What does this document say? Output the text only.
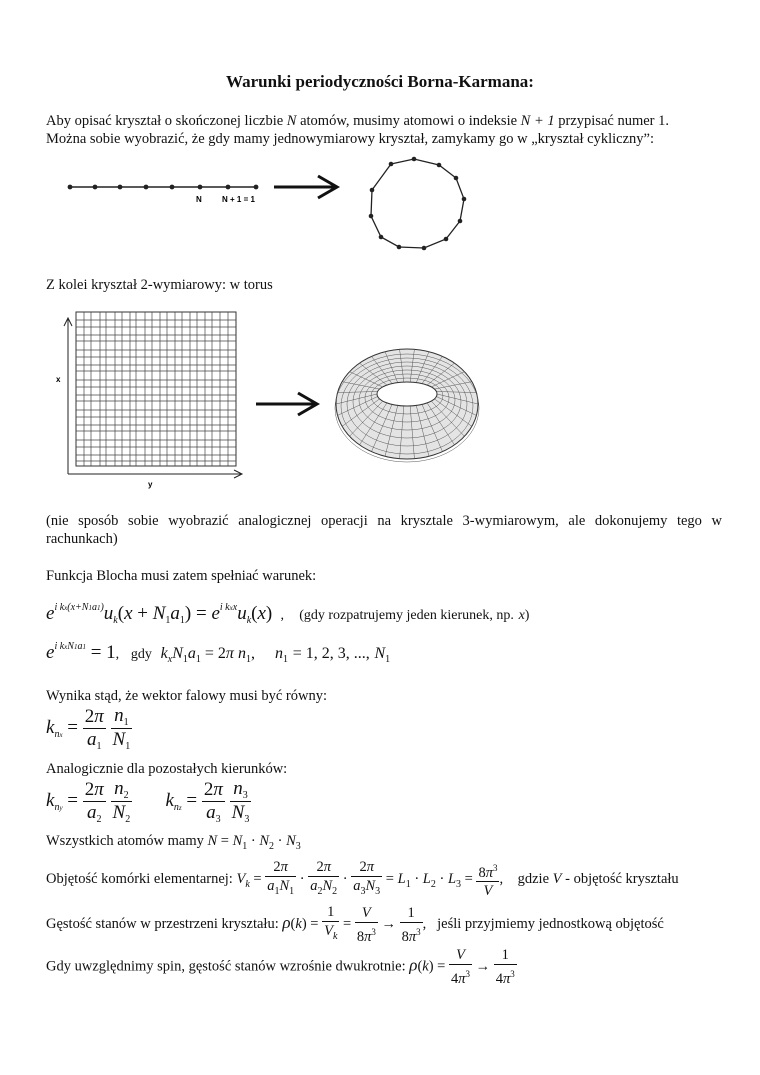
Warunki periodyczności Borna-Karmana:
Aby opisać kryształ o skończonej liczbie N atomów, musimy atomowi o indeksie N + 1 przypisać numer 1.
Można sobie wyobrazić, że gdy mamy jednowymiarowy kryształ, zamykamy go w „kryształ cykliczny”:
N	N + 1 = 1
Z kolei kryształ 2-wymiarowy: w torus
x
y
(nie sposób sobie wyobrazić analogicznej operacji na krysztale 3-wymiarowym, ale dokonujemy tego w rachunkach)
Funkcja Blocha musi zatem spełniać warunek:
$e^{i kx(x+N1a1)}u_k(x + N_1a_1) = e^{i kxx}u_k(x)$  ,    (gdy rozpatrujemy jeden kierunek, np. x)
$e^{i kxN1a1} = 1$,   gdy $k_xN_1a_1 = 2\pi$ $n_1$,     $n_1 = 1$, 2, 3, ..., $N_1$
Wynika stąd, że wektor falowy musi być równy:
$k_{nx} = \frac{2\pi}{a_1}$
$\frac{n_1}{N_1}$
Analogicznie dla pozostałych kierunków:
$k_{ny} = \frac{2\pi}{a_2}$
$\frac{n_2}{N_2} k_{nz} = \frac{2\pi}{a_3}$
$\frac{n_3}{N_3}$
Wszystkich atomów mamy $N = N_1 \cdot N_2 \cdot N_3$
Objętość komórki elementarnej: $V_k = \frac{2\pi}{a_1N_1} \cdot \frac{2\pi}{a_2N_2} \cdot \frac{2\pi}{a_3N_3} = L_1 \cdot L_2 \cdot L_3 = \frac{8\pi^3}{V}$ ,    gdzie V - objętość kryształu
Gęstość stanów w przestrzeni kryształu: $\rho(k) = \frac{1}{V_k} = \frac{V}{8\pi^3} \to \frac{1}{8\pi^3}$ ,   jeśli przyjmiemy jednostkową objętość
Gdy uwzględnimy spin, gęstość stanów wzrośnie dwukrotnie: $\rho(k) = \frac{V}{4\pi^3} \to \frac{1}{4\pi^3}$
